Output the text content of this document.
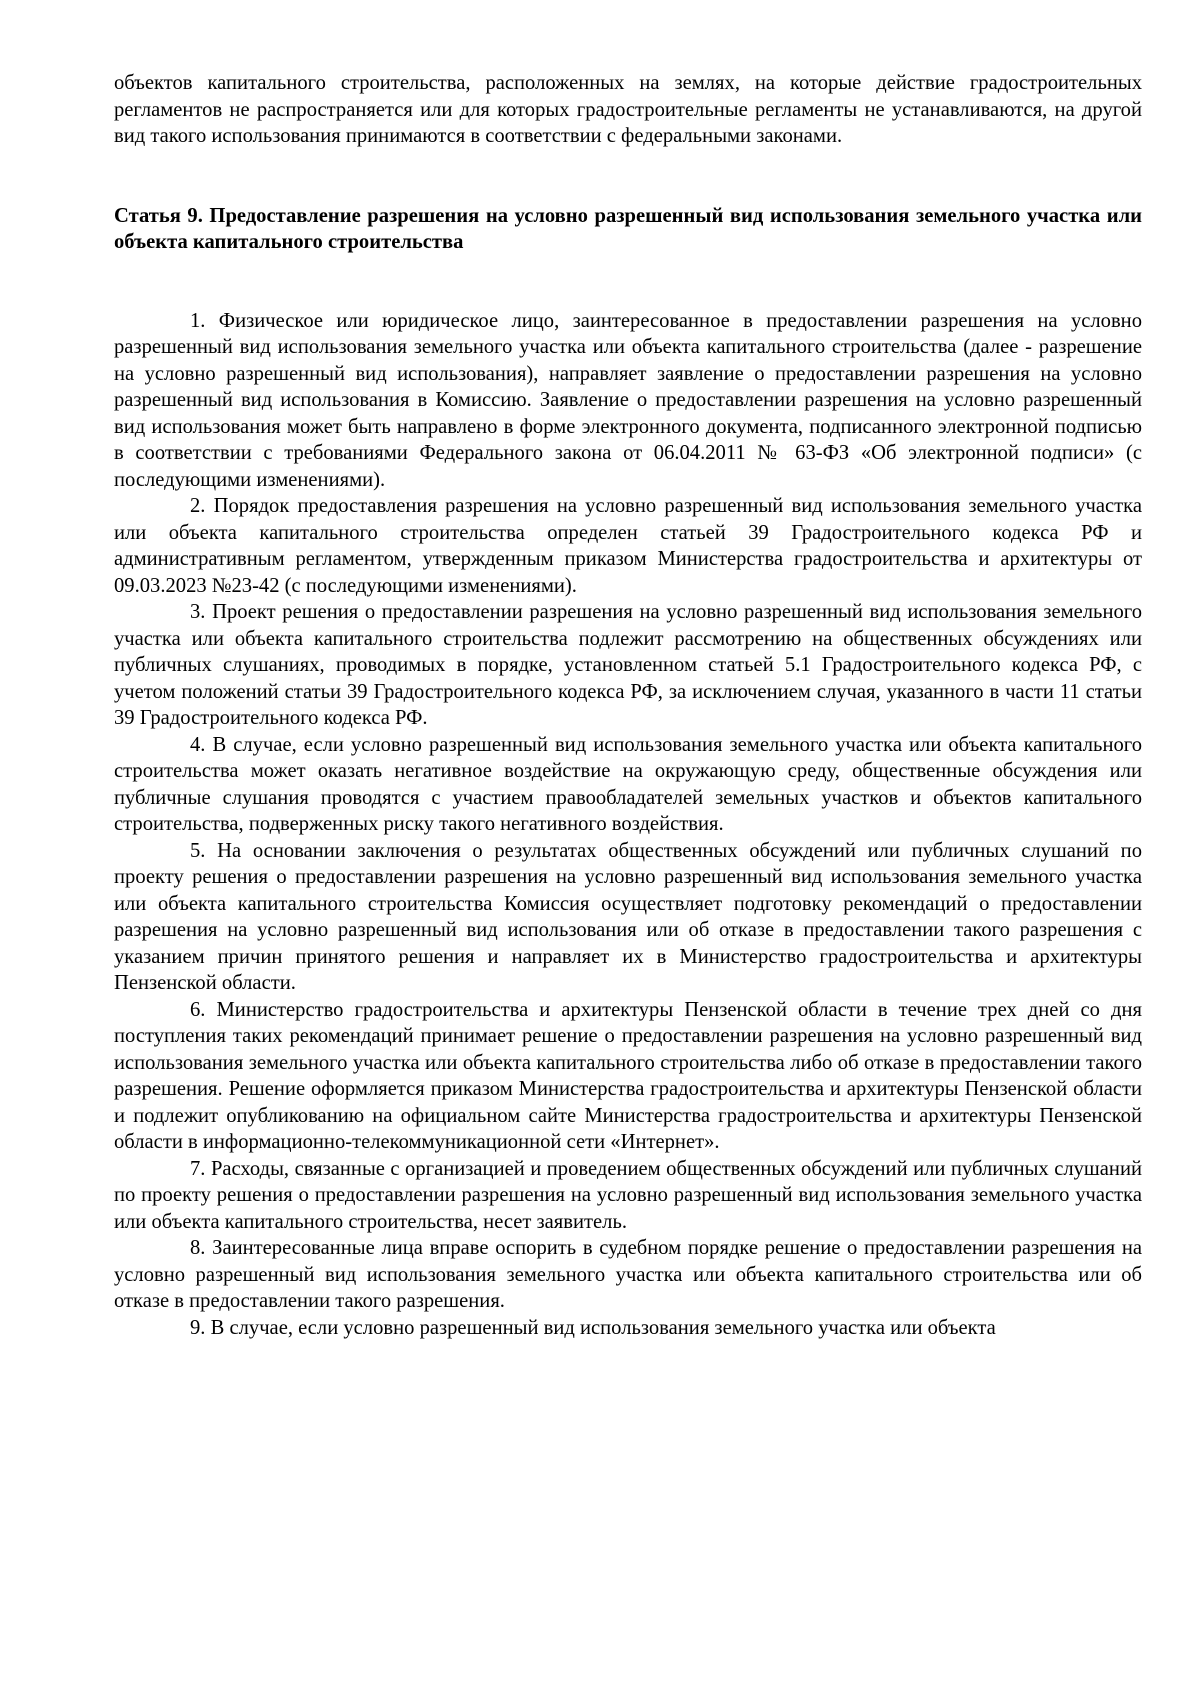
объектов капитального строительства, расположенных на землях, на которые действие градостроительных регламентов не распространяется или для которых градостроительные регламенты не устанавливаются, на другой вид такого использования принимаются в соответствии с федеральными законами.

Статья 9. Предоставление разрешения на условно разрешенный вид использования земельного участка или объекта капитального строительства

1. Физическое или юридическое лицо, заинтересованное в предоставлении разрешения на условно разрешенный вид использования земельного участка или объекта капитального строительства (далее - разрешение на условно разрешенный вид использования), направляет заявление о предоставлении разрешения на условно разрешенный вид использования в Комиссию. Заявление о предоставлении разрешения на условно разрешенный вид использования может быть направлено в форме электронного документа, подписанного электронной подписью в соответствии с требованиями Федерального закона от 06.04.2011 № 63-ФЗ «Об электронной подписи» (с последующими изменениями).

2. Порядок предоставления разрешения на условно разрешенный вид использования земельного участка или объекта капитального строительства определен статьей 39 Градостроительного кодекса РФ и административным регламентом, утвержденным приказом Министерства градостроительства и архитектуры от 09.03.2023 №23-42 (с последующими изменениями).

3. Проект решения о предоставлении разрешения на условно разрешенный вид использования земельного участка или объекта капитального строительства подлежит рассмотрению на общественных обсуждениях или публичных слушаниях, проводимых в порядке, установленном статьей 5.1 Градостроительного кодекса РФ, с учетом положений статьи 39 Градостроительного кодекса РФ, за исключением случая, указанного в части 11 статьи 39 Градостроительного кодекса РФ.

4. В случае, если условно разрешенный вид использования земельного участка или объекта капитального строительства может оказать негативное воздействие на окружающую среду, общественные обсуждения или публичные слушания проводятся с участием правообладателей земельных участков и объектов капитального строительства, подверженных риску такого негативного воздействия.

5. На основании заключения о результатах общественных обсуждений или публичных слушаний по проекту решения о предоставлении разрешения на условно разрешенный вид использования земельного участка или объекта капитального строительства Комиссия осуществляет подготовку рекомендаций о предоставлении разрешения на условно разрешенный вид использования или об отказе в предоставлении такого разрешения с указанием причин принятого решения и направляет их в Министерство градостроительства и архитектуры Пензенской области.

6. Министерство градостроительства и архитектуры Пензенской области в течение трех дней со дня поступления таких рекомендаций принимает решение о предоставлении разрешения на условно разрешенный вид использования земельного участка или объекта капитального строительства либо об отказе в предоставлении такого разрешения. Решение оформляется приказом Министерства градостроительства и архитектуры Пензенской области и подлежит опубликованию на официальном сайте Министерства градостроительства и архитектуры Пензенской области в информационно-телекоммуникационной сети «Интернет».

7. Расходы, связанные с организацией и проведением общественных обсуждений или публичных слушаний по проекту решения о предоставлении разрешения на условно разрешенный вид использования земельного участка или объекта капитального строительства, несет заявитель.

8. Заинтересованные лица вправе оспорить в судебном порядке решение о предоставлении разрешения на условно разрешенный вид использования земельного участка или объекта капитального строительства или об отказе в предоставлении такого разрешения.

9. В случае, если условно разрешенный вид использования земельного участка или объекта
